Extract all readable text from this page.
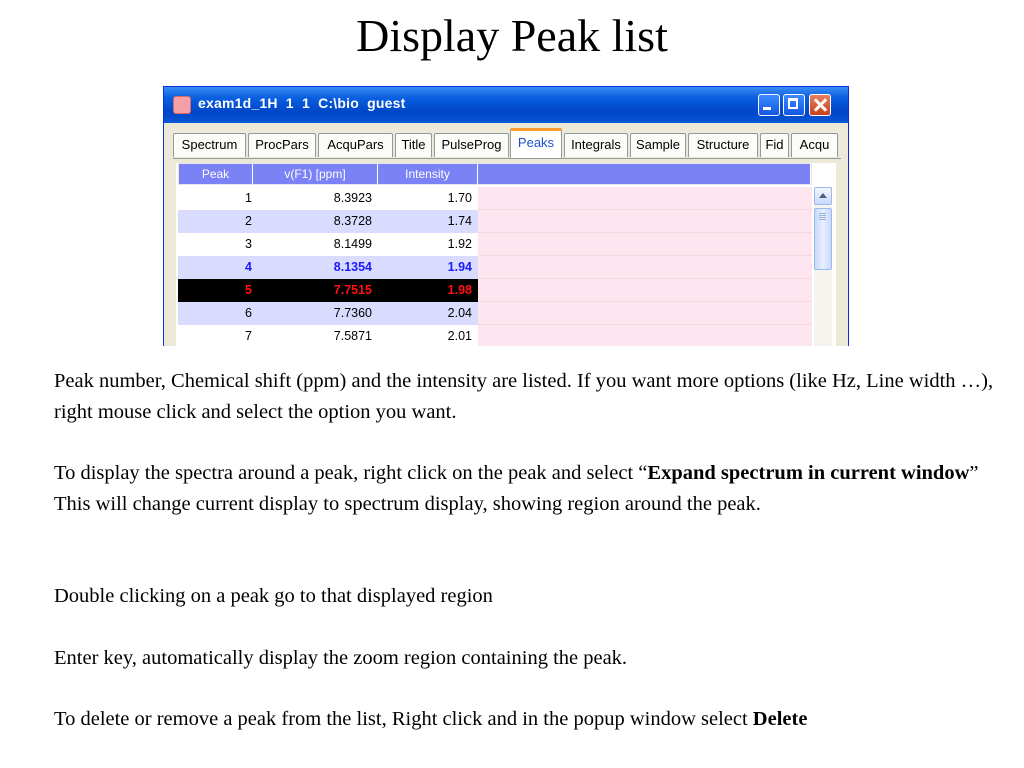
Display Peak list
exam1d_1H  1  1  C:\bio  guest
Spectrum	ProcPars	AcquPars	Title	PulseProg	Peaks	Integrals	Sample	Structure	Fid	Acqu
Peak	v(F1) [ppm]	Intensity
1	8.3923	1.70
2	8.3728	1.74
3	8.1499	1.92
4	8.1354	1.94
5	7.7515	1.98
6	7.7360	2.04
7	7.5871	2.01

Peak number, Chemical shift (ppm) and the intensity are listed. If you want more options (like Hz, Line width …), right mouse click and select the option you want.

To display the spectra around a peak, right click on the peak and select “Expand spectrum in current window” This will change current display to spectrum display, showing region around the peak.

Double clicking on a peak go to that displayed region

Enter key, automatically display the zoom region containing the peak.

To delete or remove a peak from the list, Right click and in the popup window select Delete
